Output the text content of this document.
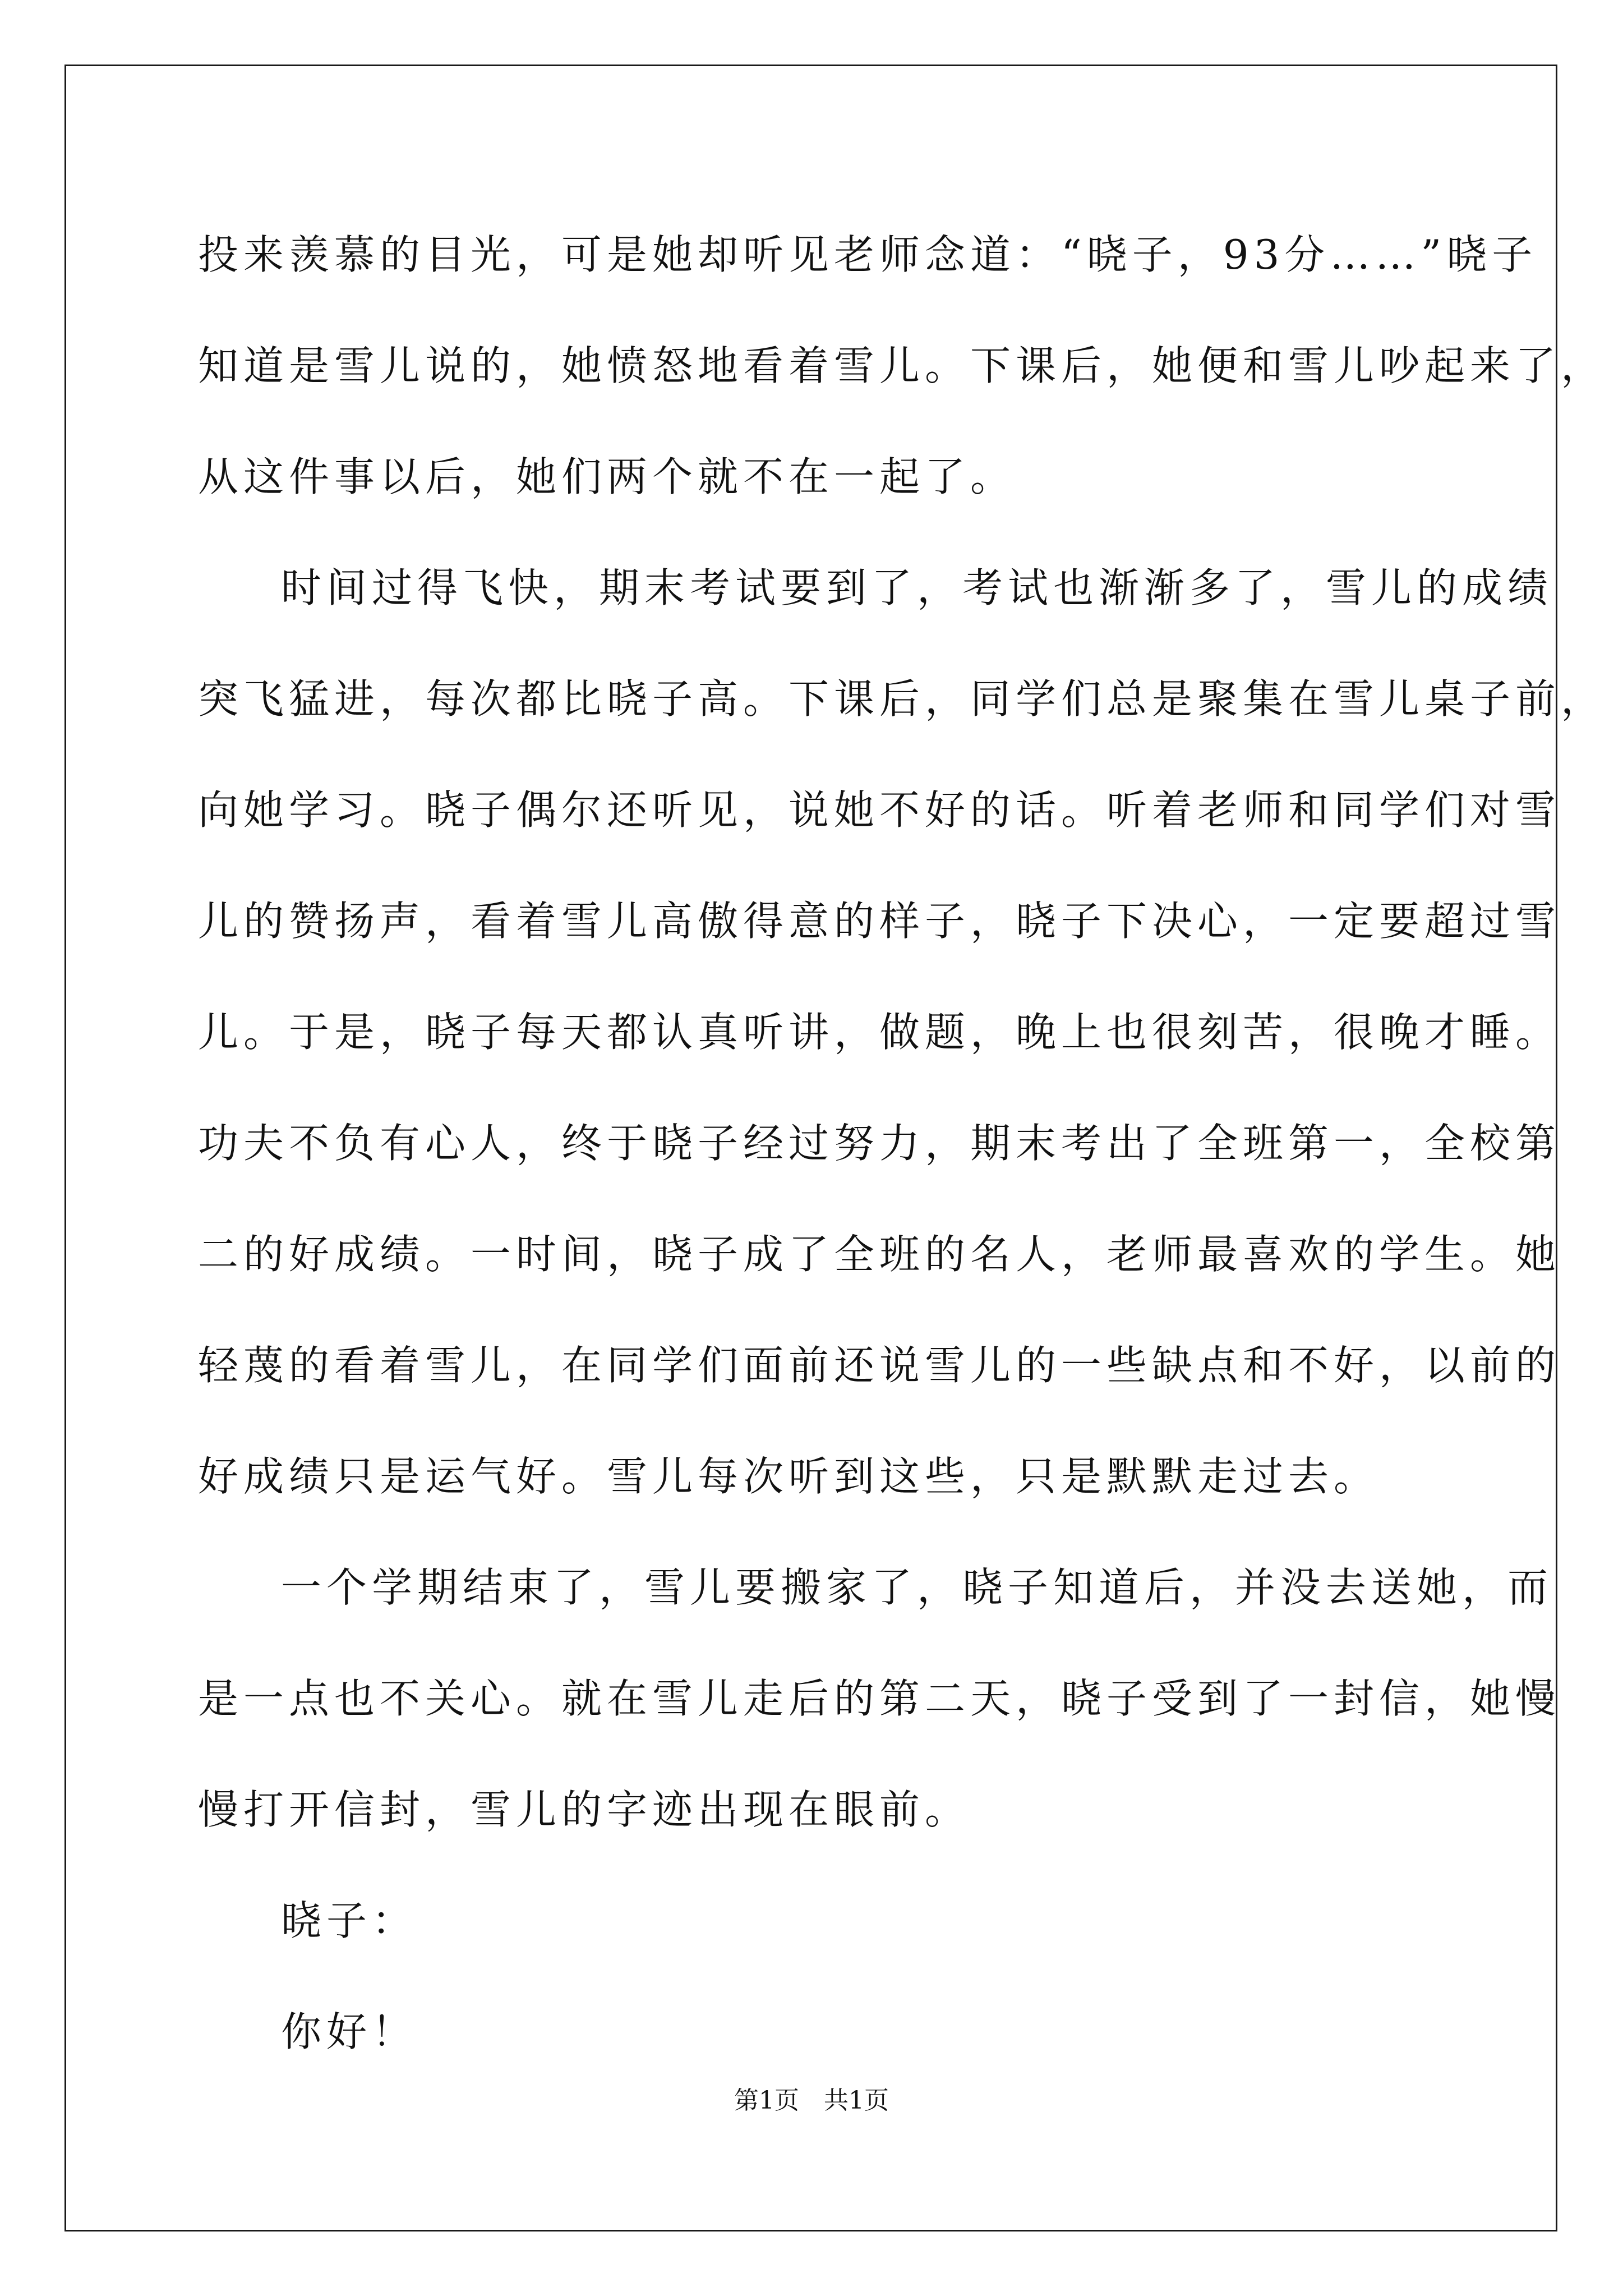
投来羡慕的目光，可是她却听见老师念道：“晓子，93分……”晓子
知道是雪儿说的，她愤怒地看着雪儿。下课后，她便和雪儿吵起来了，
从这件事以后，她们两个就不在一起了。
时间过得飞快，期末考试要到了，考试也渐渐多了，雪儿的成绩
突飞猛进，每次都比晓子高。下课后，同学们总是聚集在雪儿桌子前，
向她学习。晓子偶尔还听见，说她不好的话。听着老师和同学们对雪
儿的赞扬声，看着雪儿高傲得意的样子，晓子下决心，一定要超过雪
儿。于是，晓子每天都认真听讲，做题，晚上也很刻苦，很晚才睡。
功夫不负有心人，终于晓子经过努力，期末考出了全班第一，全校第
二的好成绩。一时间，晓子成了全班的名人，老师最喜欢的学生。她
轻蔑的看着雪儿，在同学们面前还说雪儿的一些缺点和不好，以前的
好成绩只是运气好。雪儿每次听到这些，只是默默走过去。
一个学期结束了，雪儿要搬家了，晓子知道后，并没去送她，而
是一点也不关心。就在雪儿走后的第二天，晓子受到了一封信，她慢
慢打开信封，雪儿的字迹出现在眼前。
晓子：
你好！
第1页　共1页
